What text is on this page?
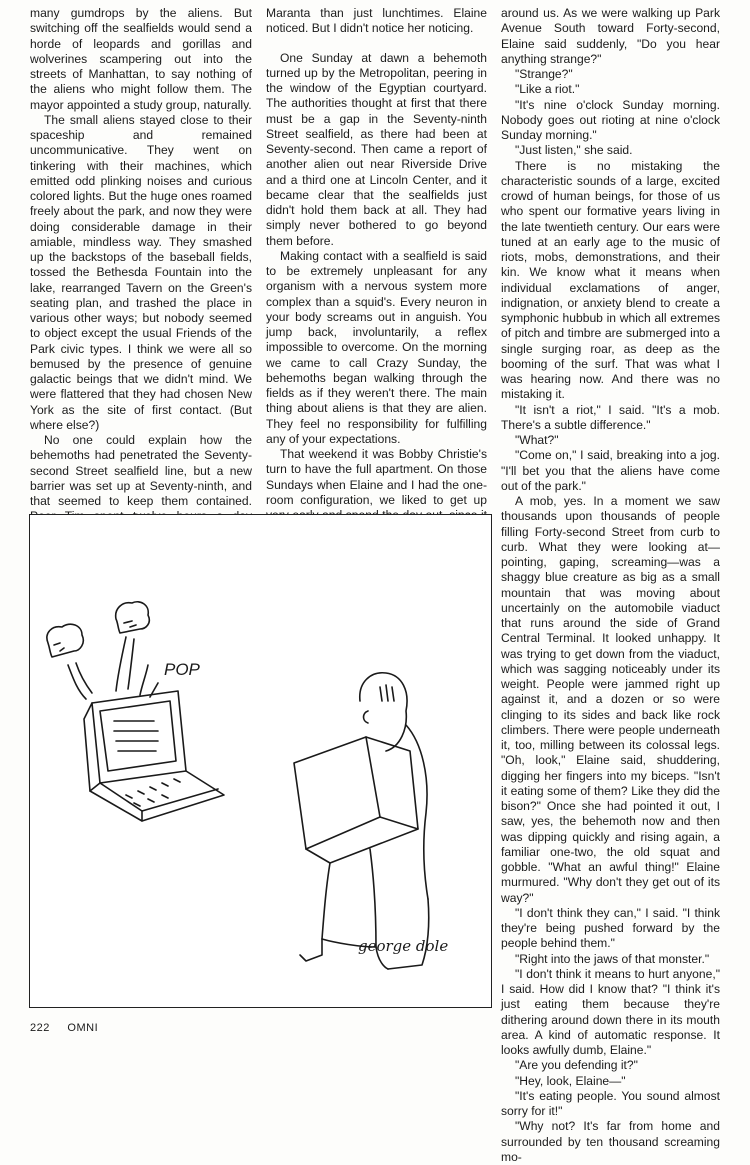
many gumdrops by the aliens. But switching off the sealfields would send a horde of leopards and gorillas and wolverines scampering out into the streets of Manhattan, to say nothing of the aliens who might follow them. The mayor appointed a study group, naturally.

The small aliens stayed close to their spaceship and remained uncommunicative. They went on tinkering with their machines, which emitted odd plinking noises and curious colored lights. But the huge ones roamed freely about the park, and now they were doing considerable damage in their amiable, mindless way. They smashed up the backstops of the baseball fields, tossed the Bethesda Fountain into the lake, rearranged Tavern on the Green's seating plan, and trashed the place in various other ways; but nobody seemed to object except the usual Friends of the Park civic types. I think we were all so bemused by the presence of genuine galactic beings that we didn't mind. We were flattered that they had chosen New York as the site of first contact. (But where else?)

No one could explain how the behemoths had penetrated the Seventy-second Street sealfield line, but a new barrier was set up at Seventy-ninth, and that seemed to keep them contained.

Maranta than just lunchtimes. Elaine noticed. But I didn't notice her noticing.

One Sunday at dawn a behemoth turned up by the Metropolitan, peering in the window of the Egyptian courtyard. The authorities thought at first that there must be a gap in the Seventy-ninth Street sealfield, as there had been at Seventy-second. Then came a report of another alien out near Riverside Drive and a third one at Lincoln Center, and it became clear that the sealfields just didn't hold them back at all. They had simply never bothered to go beyond them before.

Making contact with a sealfield is said to be extremely unpleasant for any organism with a nervous system more complex than a squid's. Every neuron in your body screams out in anguish. You jump back, involuntarily, a reflex impossible to overcome. On the morning we came to call Crazy Sunday, the behemoths began walking through the fields as if they weren't there. The main thing about aliens is that they are alien. They feel no responsibility for fulfilling any of your expectations.

That weekend it was Bobby Christie's turn to have the full apartment. On those Sundays when Elaine and I had the one-room configuration, we liked to get up

around us. As we were walking up Park Avenue South toward Forty-second, Elaine said suddenly, "Do you hear anything strange?"

"Strange?"

"Like a riot."

"It's nine o'clock Sunday morning. Nobody goes out rioting at nine o'clock Sunday morning."

"Just listen," she said.

There is no mistaking the characteristic sounds of a large, excited crowd of human beings, for those of us who spent our formative years living in the late twentieth century. Our ears were tuned at an early age to the music of riots, mobs, demonstrations, and their kin. We know what it means when individual exclamations of anger, indignation, or anxiety blend to create a symphonic hubbub in which all extremes of pitch and timbre are submerged into a single surging roar, as deep as the booming of the surf. That was what I was hearing now. And there was no mistaking it.

"It isn't a riot," I said. "It's a mob. There's a subtle difference."

"What?"

"Come on," I said, breaking into a jog. "I'll bet you that the aliens have come out of the park."

A mob, yes. In a moment we saw thousands upon thousands of people filling Forty-second Street from curb to curb. What they were looking at—pointing, gaping, screaming—was a shaggy blue creature as big as a small mountain that was moving about uncertainly on the automobile viaduct that runs around the side of Grand Central Terminal. It looked unhappy. It was trying to get down from the viaduct, which was sagging noticeably under its weight. People were jammed right up against it, and a dozen or so were clinging to its sides and back like rock climbers. There were people underneath it, too, milling between its colossal legs. "Oh, look," Elaine said, shuddering, digging her fingers into my biceps. "Isn't it eating some of them? Like they did the bison?" Once she had pointed it out, I saw, yes, the behemoth now and then was dipping quickly and rising again, a familiar one-two, the old squat and gobble. "What an awful thing!" Elaine murmured. "Why don't they get out of its way?"

"I don't think they can," I said. "I think they're being pushed forward by the people behind them."

"Right into the jaws of that monster."

"I don't think it means to hurt anyone," I said. How did I know that? "I think it's just eating them because they're dithering around down there in its mouth area. A kind of automatic response. It looks awfully dumb, Elaine."

"Are you defending it?"

"Hey, look, Elaine—"

"It's eating people. You sound almost sorry for it!"

"Why not? It's far from home and surrounded by ten thousand screaming mo-

POP
george dole
222 OMNI
